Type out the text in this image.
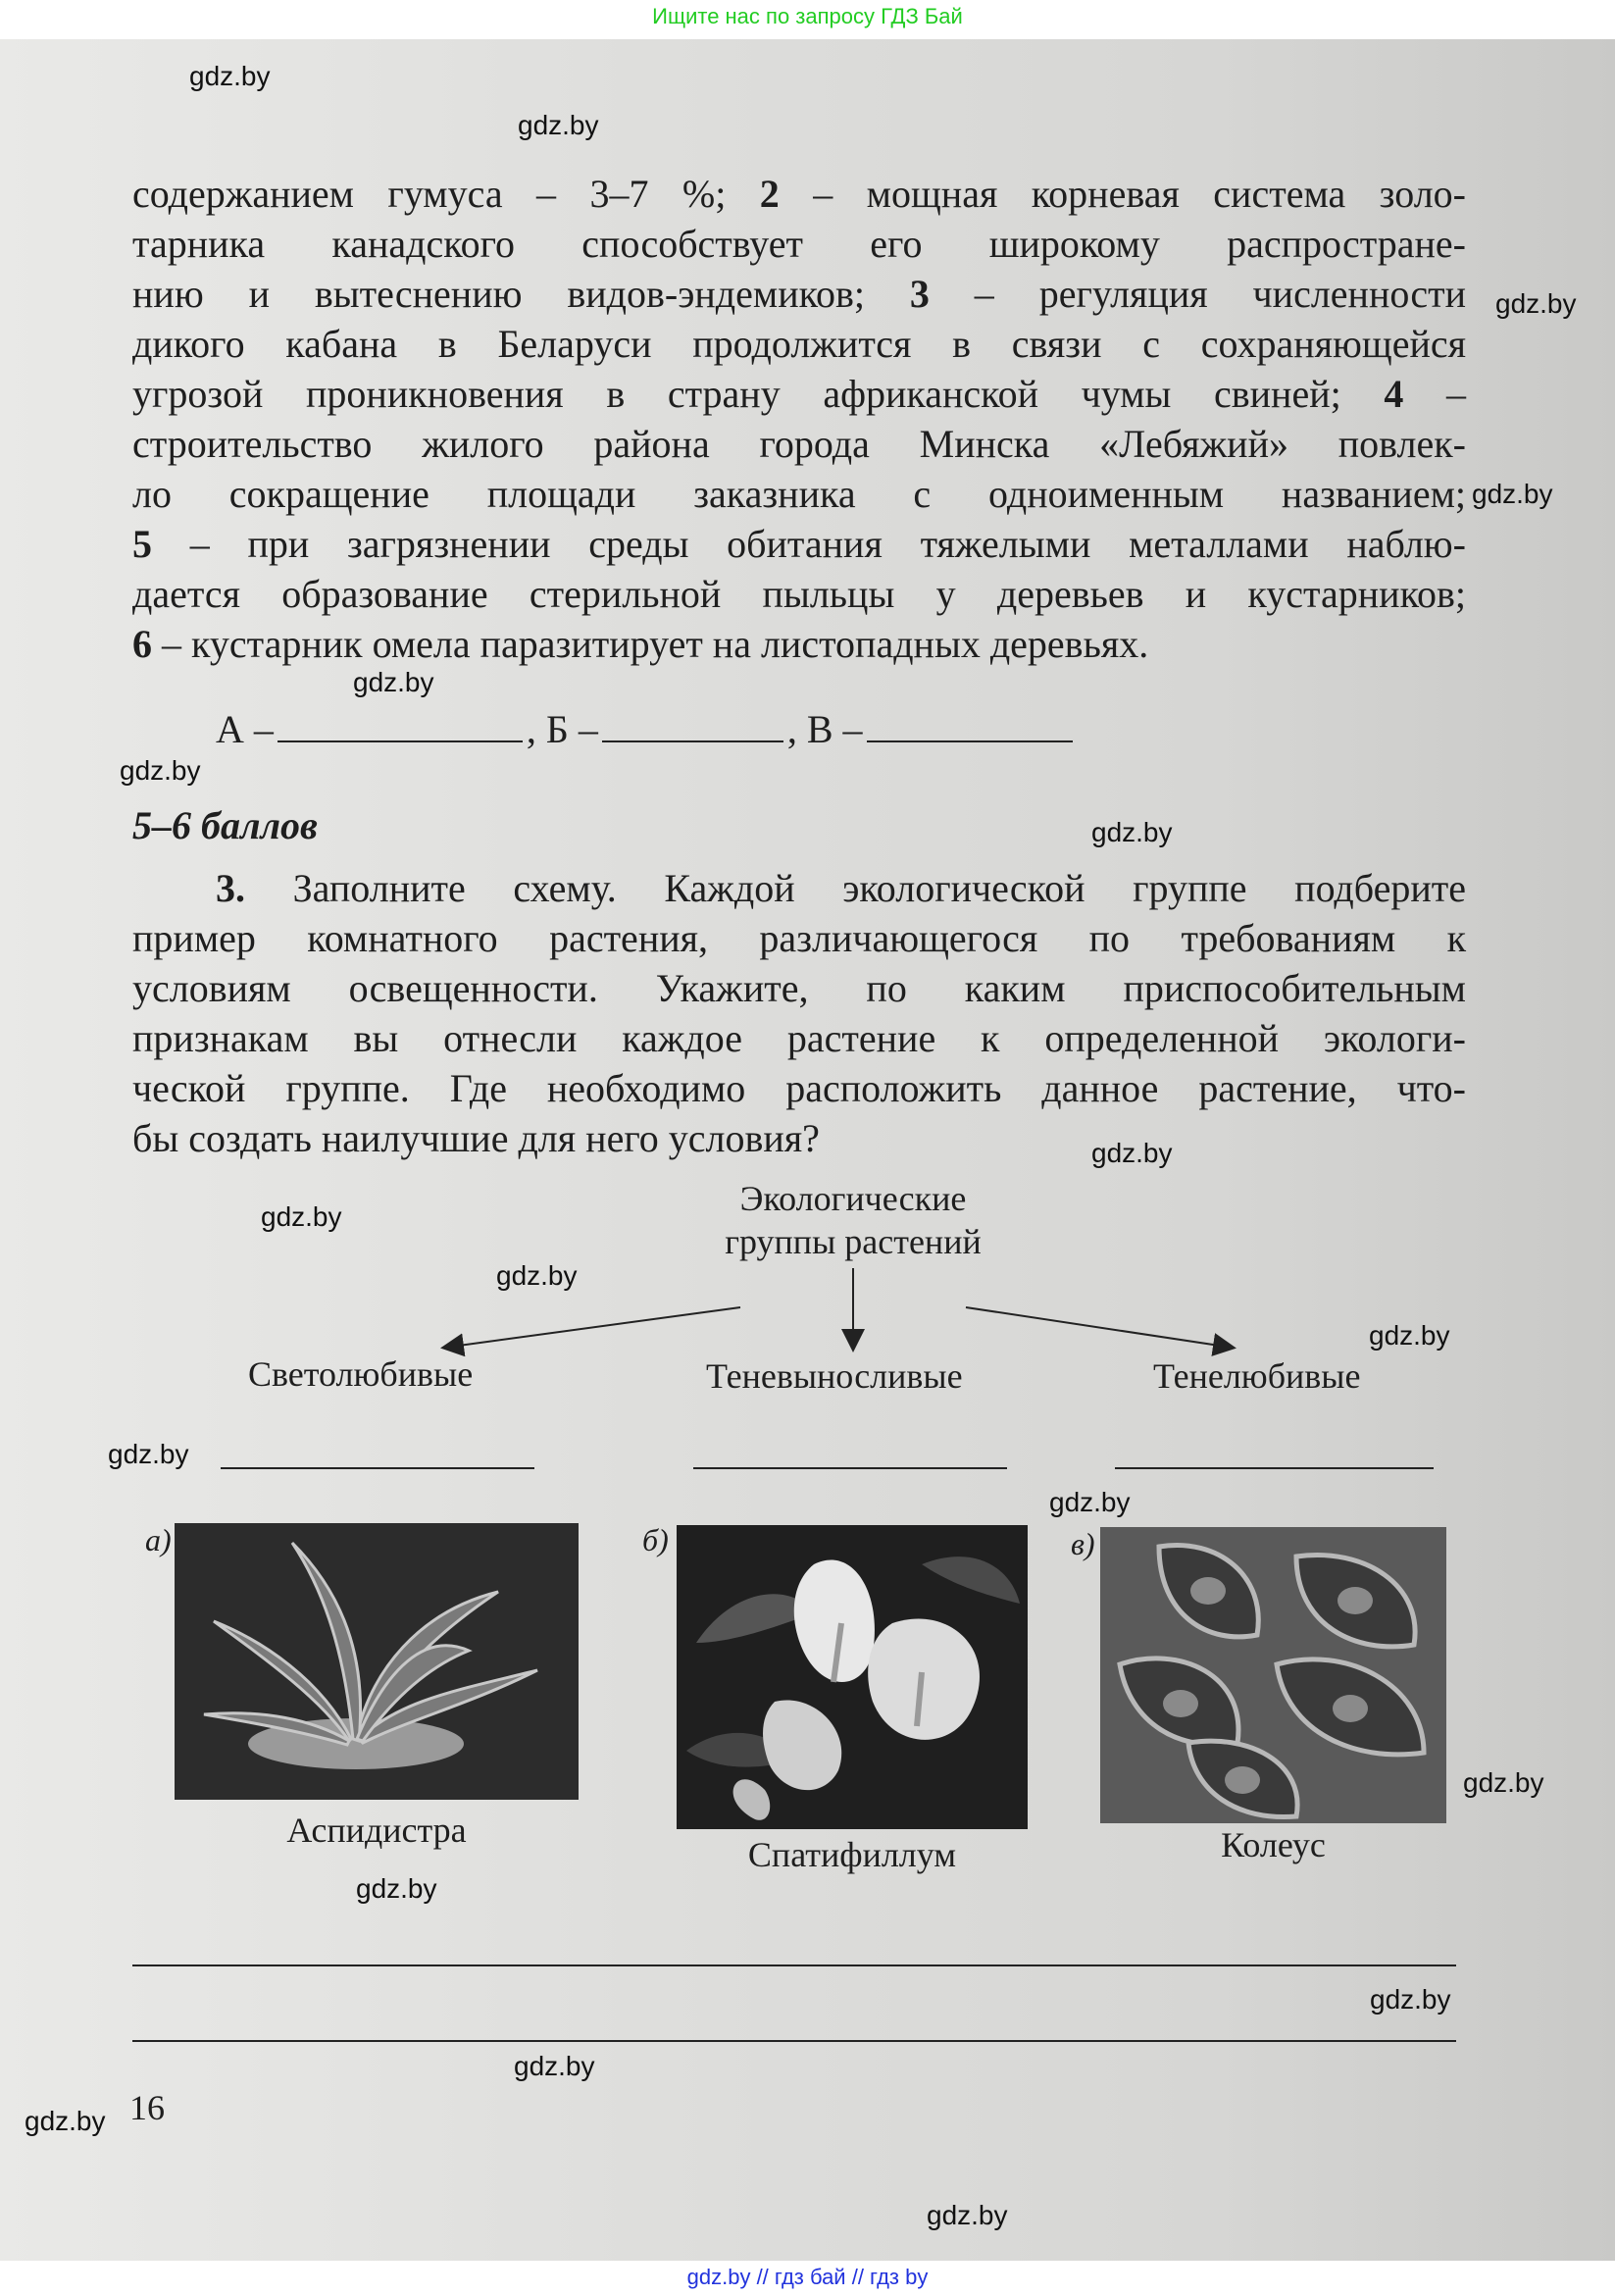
Ищите нас по запросу ГДЗ Бай
gdz.by
gdz.by
gdz.by
gdz.by
gdz.by
gdz.by
gdz.by
gdz.by
gdz.by
gdz.by
gdz.by
gdz.by
gdz.by
gdz.by
gdz.by
gdz.by
gdz.by
gdz.by
gdz.by
содержанием гумуса – 3–7 %; 2 – мощная корневая система золо-
тарника канадского способствует его широкому распростране-
нию и вытеснению видов-эндемиков; 3 – регуляция численности
дикого кабана в Беларуси продолжится в связи с сохраняющейся
угрозой проникновения в страну африканской чумы свиней; 4 –
строительство жилого района города Минска «Лебяжий» повлек-
ло сокращение площади заказника с одноименным названием;
5 – при загрязнении среды обитания тяжелыми металлами наблю-
дается образование стерильной пыльцы у деревьев и кустарников;
6 – кустарник омела паразитирует на листопадных деревьях.
А –	, Б –	, В –
5–6 баллов
3. Заполните схему. Каждой экологической группе подберите
пример комнатного растения, различающегося по требованиям к
условиям освещенности. Укажите, по каким приспособительным
признакам вы отнесли каждое растение к определенной экологи-
ческой группе. Где необходимо расположить данное растение, что-
бы создать наилучшие для него условия?
Экологические
группы растений
Светолюбивые	Теневыносливые	Тенелюбивые
а)
Аспидистра
б)
Спатифиллум
в)
Колеус
16
gdz.by // гдз бай // гдз by
